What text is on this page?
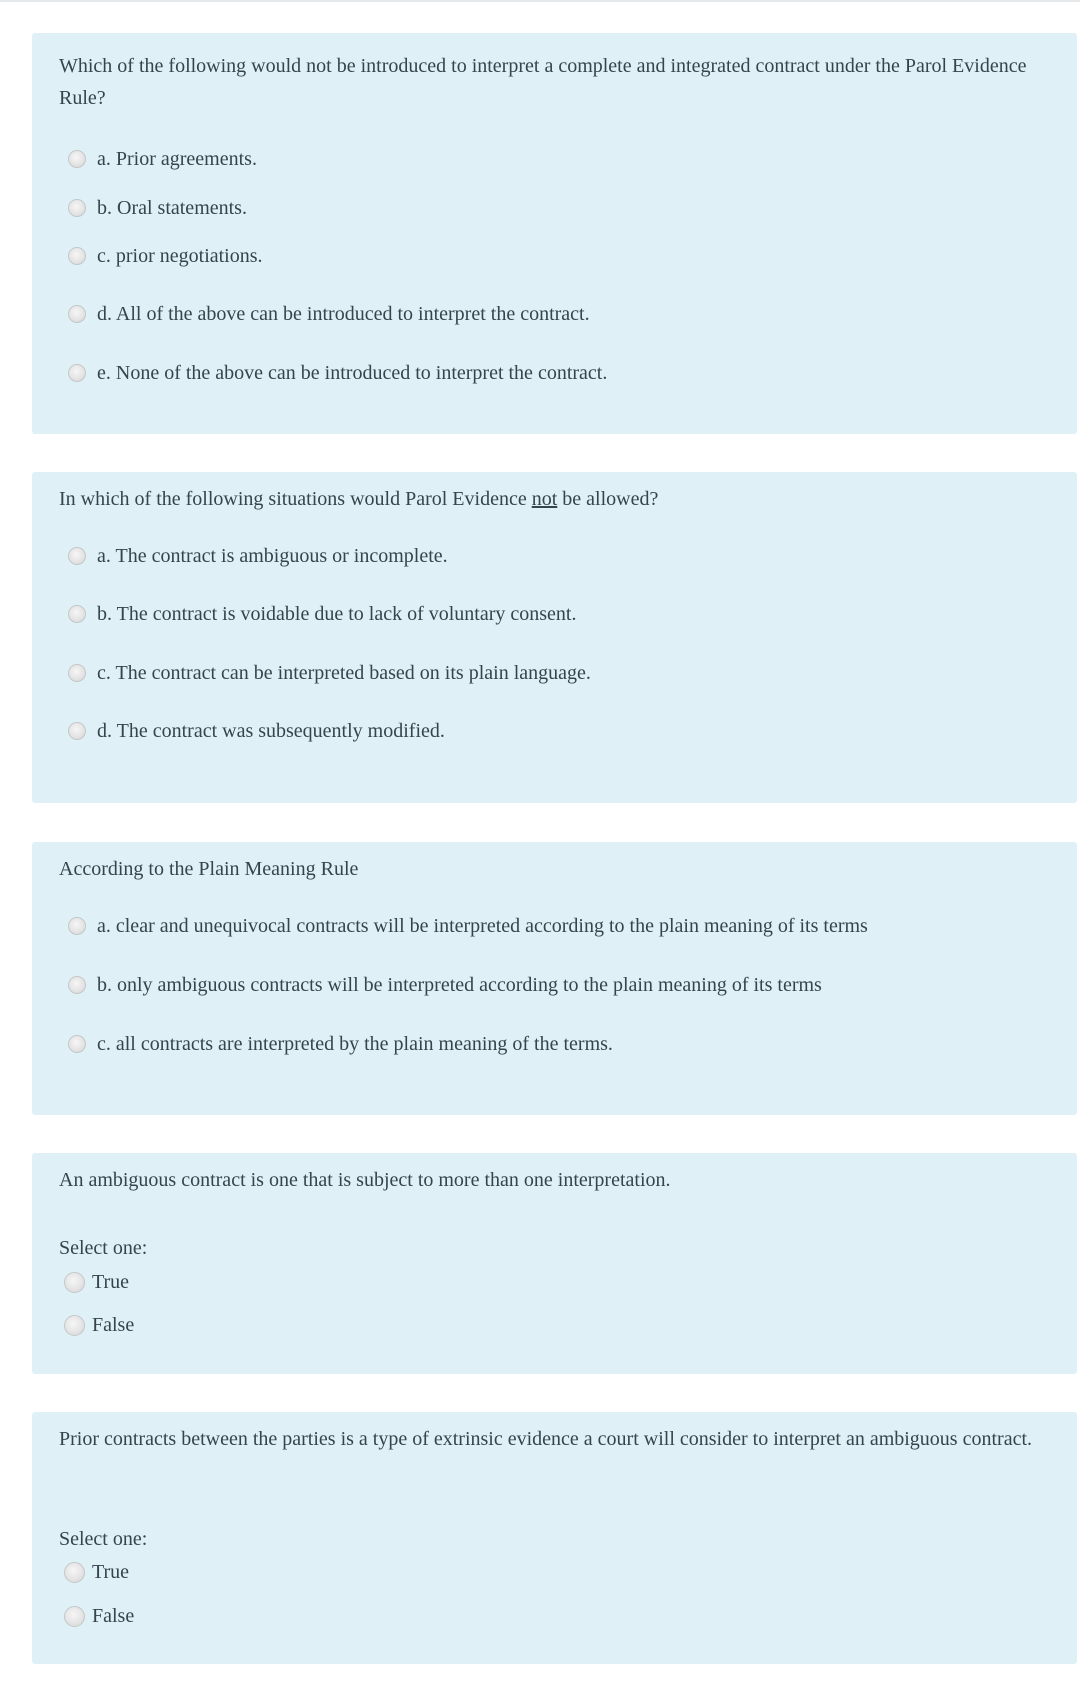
Which of the following would not be introduced to interpret a complete and integrated contract under the Parol Evidence Rule?
a. Prior agreements.
b. Oral statements.
c. prior negotiations.
d. All of the above can be introduced to interpret the contract.
e. None of the above can be introduced to interpret the contract.
In which of the following situations would Parol Evidence not be allowed?
a. The contract is ambiguous or incomplete.
b. The contract is voidable due to lack of voluntary consent.
c. The contract can be interpreted based on its plain language.
d. The contract was subsequently modified.
According to the Plain Meaning Rule
a. clear and unequivocal contracts will be interpreted according to the plain meaning of its terms
b. only ambiguous contracts will be interpreted according to the plain meaning of its terms
c. all contracts are interpreted by the plain meaning of the terms.
An ambiguous contract is one that is subject to more than one interpretation.
Select one:
True
False
Prior contracts between the parties is a type of extrinsic evidence a court will consider to interpret an ambiguous contract.
Select one:
True
False
